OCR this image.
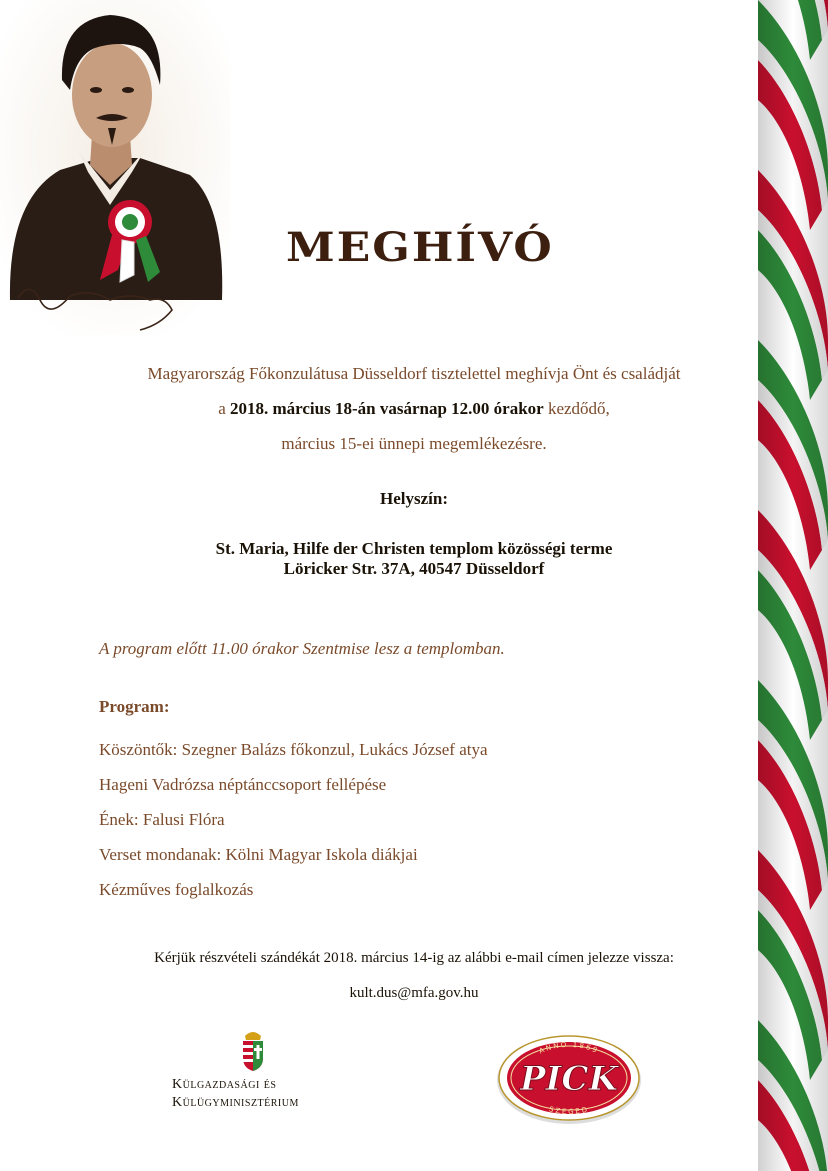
MEGHÍVÓ
Magyarország Főkonzulátusa Düsseldorf tisztelettel meghívja Önt és családját
a 2018. március 18-án vasárnap 12.00 órakor kezdődő,
március 15-ei ünnepi megemlékezésre.
Helyszín:
St. Maria, Hilfe der Christen templom közösségi terme
Löricker Str. 37A, 40547 Düsseldorf
A program előtt 11.00 órakor Szentmise lesz a templomban.
Program:
Köszöntők: Szegner Balázs főkonzul, Lukács József atya
Hageni Vadrózsa néptánccsoport fellépése
Ének: Falusi Flóra
Verset mondanak: Kölni Magyar Iskola diákjai
Kézműves foglalkozás
Kérjük részvételi szándékát 2018. március 14-ig az alábbi e-mail címen jelezze vissza:
kult.dus@mfa.gov.hu
Külgazdasági és
Külügyminisztérium
ANNO 1869
PICK
SZEGED
